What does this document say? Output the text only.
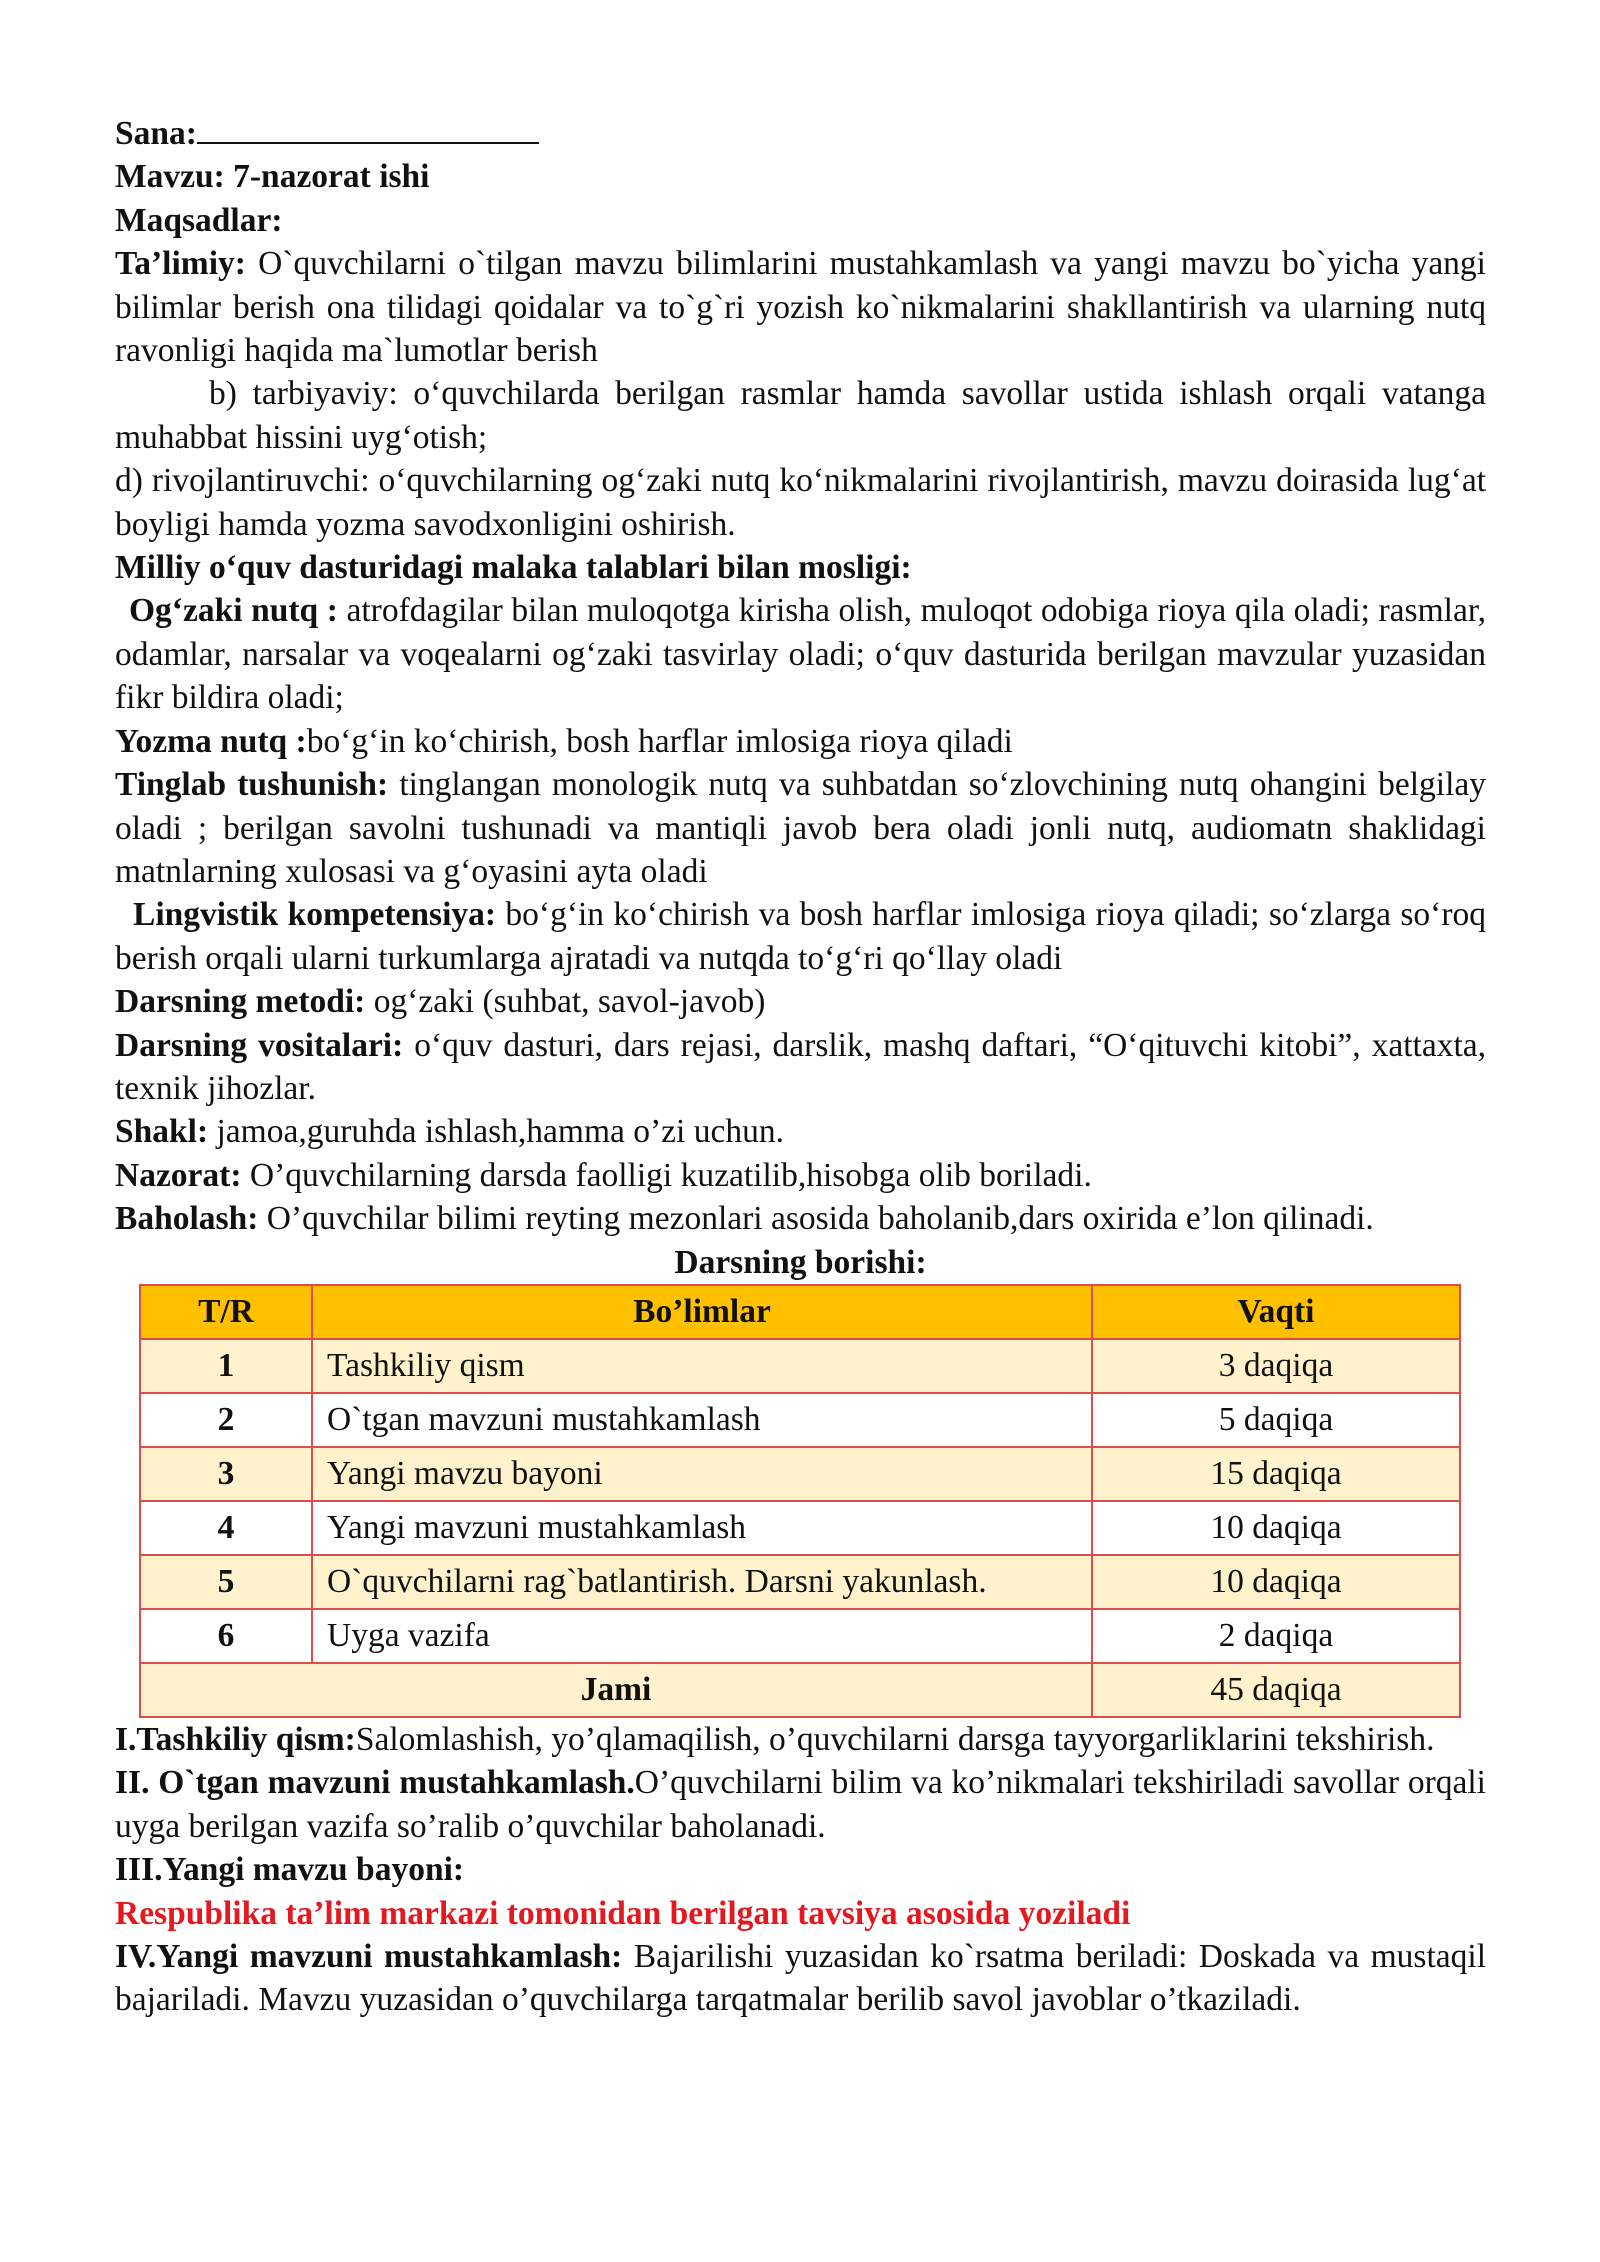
Sana:

Mavzu: 7-nazorat ishi

Maqsadlar:

Ta’limiy: O`quvchilarni o`tilgan mavzu bilimlarini mustahkamlash va yangi mavzu bo`yicha yangi bilimlar berish ona tilidagi qoidalar va to`g`ri yozish ko`nikmalarini shakllantirish va ularning nutq ravonligi haqida ma`lumotlar berish

b) tarbiyaviy: o‘quvchilarda berilgan rasmlar hamda savollar ustida ishlash orqali vatanga muhabbat hissini uyg‘otish;

d) rivojlantiruvchi: o‘quvchilarning og‘zaki nutq ko‘nikmalarini rivojlantirish, mavzu doirasida lug‘at boyligi hamda yozma savodxonligini oshirish.

Milliy o‘quv dasturidagi malaka talablari bilan mosligi:

Og‘zaki nutq : atrofdagilar bilan muloqotga kirisha olish, muloqot odobiga rioya qila oladi; rasmlar, odamlar, narsalar va voqealarni og‘zaki tasvirlay oladi; o‘quv dasturida berilgan mavzular yuzasidan fikr bildira oladi;

Yozma nutq :bo‘g‘in ko‘chirish, bosh harflar imlosiga rioya qiladi

Tinglab tushunish: tinglangan monologik nutq va suhbatdan so‘zlovchining nutq ohangini belgilay oladi ; berilgan savolni tushunadi va mantiqli javob bera oladi jonli nutq, audiomatn shaklidagi matnlarning xulosasi va g‘oyasini ayta oladi

Lingvistik kompetensiya: bo‘g‘in ko‘chirish va bosh harflar imlosiga rioya qiladi; so‘zlarga so‘roq berish orqali ularni turkumlarga ajratadi va nutqda to‘g‘ri qo‘llay oladi

Darsning metodi: og‘zaki (suhbat, savol-javob)

Darsning vositalari: o‘quv dasturi, dars rejasi, darslik, mashq daftari, “O‘qituvchi kitobi”, xattaxta, texnik jihozlar.

Shakl: jamoa,guruhda ishlash,hamma o’zi uchun.

Nazorat: O’quvchilarning darsda faolligi kuzatilib,hisobga olib boriladi.

Baholash: O’quvchilar bilimi reyting mezonlari asosida baholanib,dars oxirida e’lon qilinadi.

Darsning borishi:

T/R	Bo’limlar	Vaqti
1	Tashkiliy qism	3 daqiqa
2	O`tgan mavzuni mustahkamlash	5 daqiqa
3	Yangi mavzu bayoni	15 daqiqa
4	Yangi mavzuni mustahkamlash	10 daqiqa
5	O`quvchilarni rag`batlantirish. Darsni yakunlash.	10 daqiqa
6	Uyga vazifa	2 daqiqa
Jami		45 daqiqa

I.Tashkiliy qism:Salomlashish, yo’qlamaqilish, o’quvchilarni darsga tayyorgarliklarini tekshirish.

II. O`tgan mavzuni mustahkamlash.O’quvchilarni bilim va ko’nikmalari tekshiriladi savollar orqali uyga berilgan vazifa so’ralib o’quvchilar baholanadi.

III.Yangi mavzu bayoni:

Respublika ta’lim markazi tomonidan berilgan tavsiya asosida yoziladi

IV.Yangi mavzuni mustahkamlash: Bajarilishi yuzasidan ko`rsatma beriladi: Doskada va mustaqil bajariladi. Mavzu yuzasidan o’quvchilarga tarqatmalar berilib savol javoblar o’tkaziladi.
